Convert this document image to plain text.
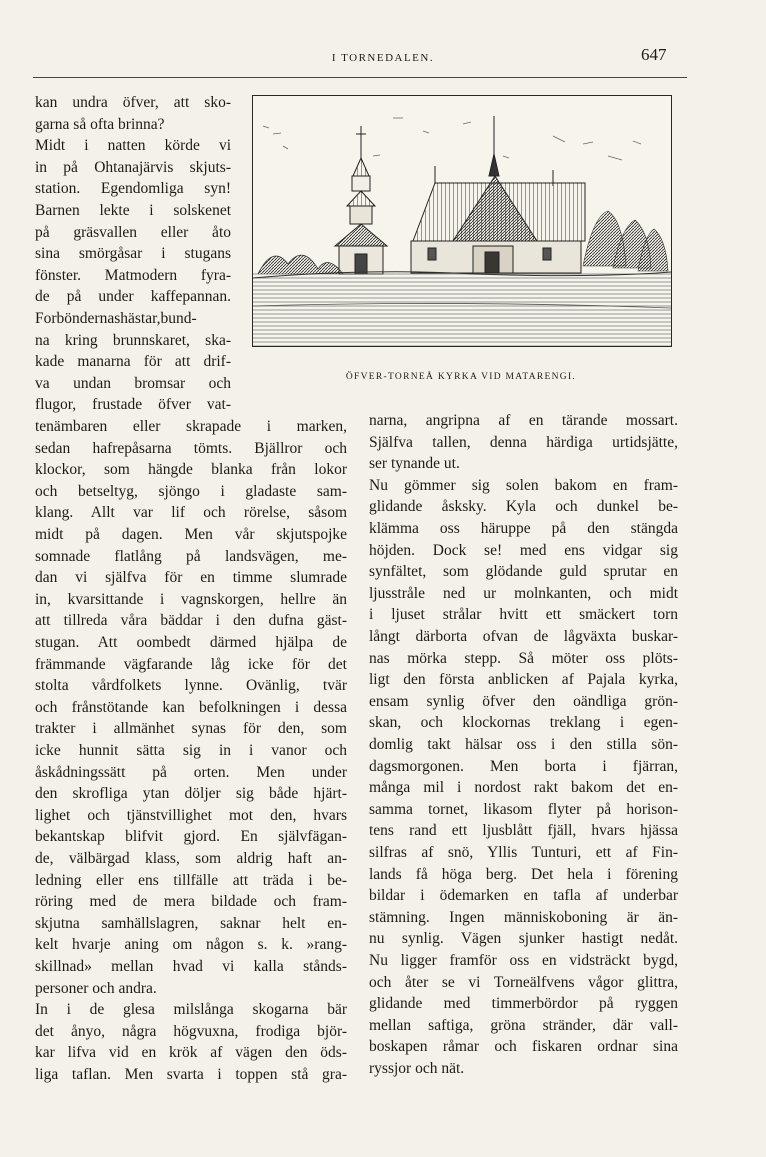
I TORNEDALEN.	647
ÖFVER-TORNEÅ KYRKA VID MATARENGI.
kan undra öfver, att sko-
garna så ofta brinna?
Midt i natten körde vi
in på Ohtanajärvis skjuts-
station. Egendomliga syn!
Barnen lekte i solskenet
på gräsvallen eller åto
sina smörgåsar i stugans
fönster. Matmodern fyra-
de på under kaffepannan.
Forböndernashästar,bund-
na kring brunnskaret, ska-
kade manarna för att drif-
va undan bromsar och
flugor, frustade öfver vat-
tenämbaren eller skrapade i marken,
sedan hafrepåsarna tömts. Bjällror och
klockor, som hängde blanka från lokor
och betseltyg, sjöngo i gladaste sam-
klang. Allt var lif och rörelse, såsom
midt på dagen. Men vår skjutspojke
somnade flatlång på landsvägen, me-
dan vi själfva för en timme slumrade
in, kvarsittande i vagnskorgen, hellre än
att tillreda våra bäddar i den dufna gäst-
stugan. Att oombedt därmed hjälpa de
främmande vägfarande låg icke för det
stolta vårdfolkets lynne. Ovänlig, tvär
och frånstötande kan befolkningen i dessa
trakter i allmänhet synas för den, som
icke hunnit sätta sig in i vanor och
åskådningssätt på orten. Men under
den skrofliga ytan döljer sig både hjärt-
lighet och tjänstvillighet mot den, hvars
bekantskap blifvit gjord. En självfägan-
de, välbärgad klass, som aldrig haft an-
ledning eller ens tillfälle att träda i be-
röring med de mera bildade och fram-
skjutna samhällslagren, saknar helt en-
kelt hvarje aning om någon s. k. »rang-
skillnad» mellan hvad vi kalla stånds-
personer och andra.
In i de glesa milslånga skogarna bär
det ånyo, några högvuxna, frodiga björ-
kar lifva vid en krök af vägen den öds-
liga taflan. Men svarta i toppen stå gra-
narna, angripna af en tärande mossart.
Själfva tallen, denna härdiga urtidsjätte,
ser tynande ut.
Nu gömmer sig solen bakom en fram-
glidande åsksky. Kyla och dunkel be-
klämma oss häruppe på den stängda
höjden. Dock se! med ens vidgar sig
synfältet, som glödande guld sprutar en
ljusstråle ned ur molnkanten, och midt
i ljuset strålar hvitt ett smäckert torn
långt därborta ofvan de lågväxta buskar-
nas mörka stepp. Så möter oss plöts-
ligt den första anblicken af Pajala kyrka,
ensam synlig öfver den oändliga grön-
skan, och klockornas treklang i egen-
domlig takt hälsar oss i den stilla sön-
dagsmorgonen. Men borta i fjärran,
många mil i nordost rakt bakom det en-
samma tornet, likasom flyter på horison-
tens rand ett ljusblått fjäll, hvars hjässa
silfras af snö, Yllis Tunturi, ett af Fin-
lands få höga berg. Det hela i förening
bildar i ödemarken en tafla af underbar
stämning. Ingen människoboning är än-
nu synlig. Vägen sjunker hastigt nedåt.
Nu ligger framför oss en vidsträckt bygd,
och åter se vi Torneälfvens vågor glittra,
glidande med timmerbördor på ryggen
mellan saftiga, gröna stränder, där vall-
boskapen råmar och fiskaren ordnar sina
ryssjor och nät.
